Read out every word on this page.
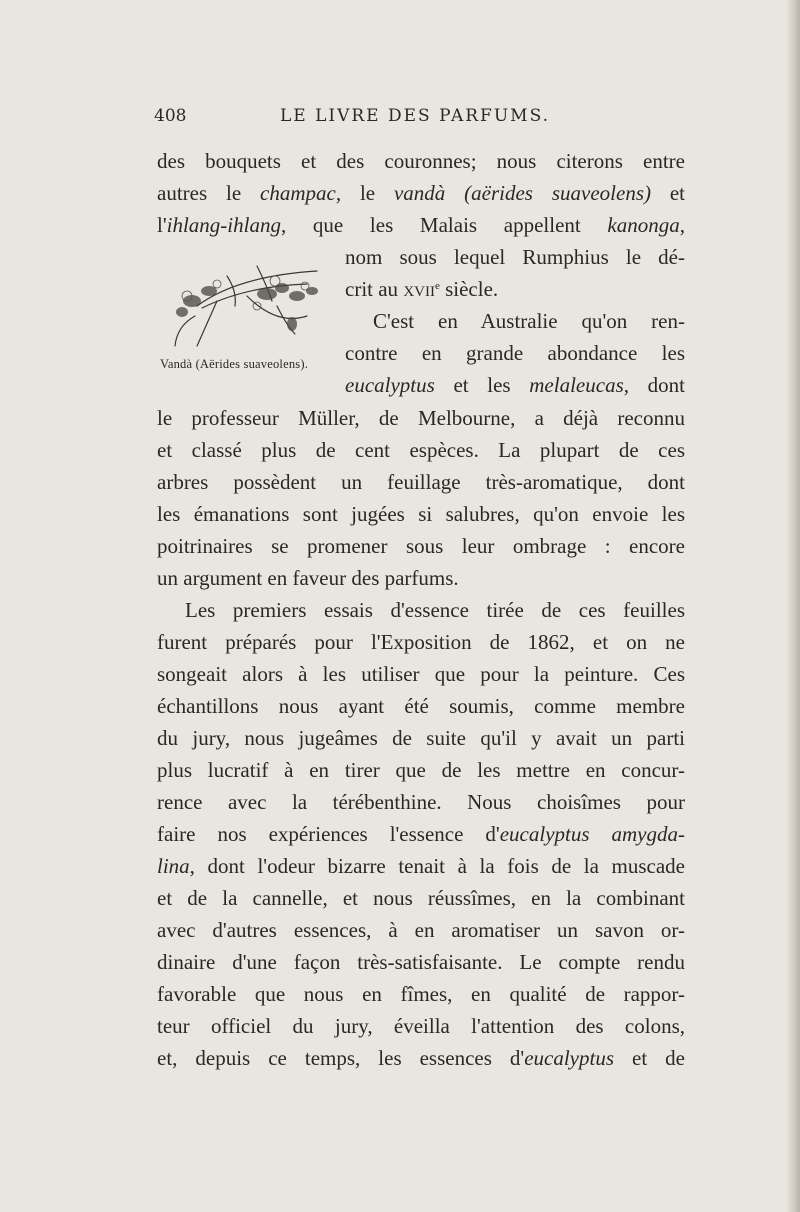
408	LE LIVRE DES PARFUMS.
Vandà (Aërides suaveolens).
des bouquets et des couronnes; nous citerons entre
autres le champac, le vandà (aërides suaveolens) et
l'ihlang-ihlang, que les Malais appellent kanonga,
nom sous lequel Rumphius le dé-
crit au xvii$^e$ siècle.
C'est en Australie qu'on ren-
contre en grande abondance les
eucalyptus et les melaleucas, dont
le professeur Müller, de Melbourne, a déjà reconnu
et classé plus de cent espèces. La plupart de ces
arbres possèdent un feuillage très-aromatique, dont
les émanations sont jugées si salubres, qu'on envoie les
poitrinaires se promener sous leur ombrage : encore
un argument en faveur des parfums.
Les premiers essais d'essence tirée de ces feuilles
furent préparés pour l'Exposition de 1862, et on ne
songeait alors à les utiliser que pour la peinture. Ces
échantillons nous ayant été soumis, comme membre
du jury, nous jugeâmes de suite qu'il y avait un parti
plus lucratif à en tirer que de les mettre en concur-
rence avec la térébenthine. Nous choisîmes pour
faire nos expériences l'essence d'eucalyptus amygda-
lina, dont l'odeur bizarre tenait à la fois de la muscade
et de la cannelle, et nous réussîmes, en la combinant
avec d'autres essences, à en aromatiser un savon or-
dinaire d'une façon très-satisfaisante. Le compte rendu
favorable que nous en fîmes, en qualité de rappor-
teur officiel du jury, éveilla l'attention des colons,
et, depuis ce temps, les essences d'eucalyptus et de
